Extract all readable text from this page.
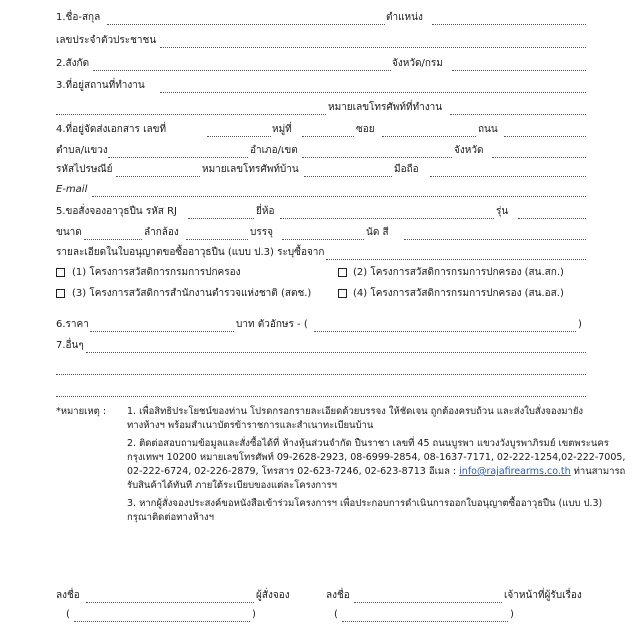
1.ชื่อ-สกุล	ตำแหน่ง
เลขประจำตัวประชาชน
2.สังกัด	จังหวัด/กรม
3.ที่อยู่สถานที่ทำงาน
หมายเลขโทรศัพท์ที่ทำงาน
4.ที่อยู่จัดส่งเอกสาร เลขที่	หมู่ที่	ซอย	ถนน
ตำบล/แขวง	อำเภอ/เขต	จังหวัด
รหัสไปรษณีย์	หมายเลขโทรศัพท์บ้าน	มือถือ
E-mail
5.ขอสั่งจองอาวุธปืน รหัส RJ	ยี่ห้อ	รุ่น
ขนาด	ลำกล้อง	บรรจุ	นัด สี
รายละเอียดในใบอนุญาตขอซื้ออาวุธปืน (แบบ ป.3) ระบุซื้อจาก
(1) โครงการสวัสดิการกรมการปกครอง	(2) โครงการสวัสดิการกรมการปกครอง (สน.สก.)
(3) โครงการสวัสดิการสำนักงานตำรวจแห่งชาติ (สตช.)	(4) โครงการสวัสดิการกรมการปกครอง (สน.อส.)
6.ราคา	บาท ตัวอักษร - (	)
7.อื่นๆ
*หมายเหตุ : 1. เพื่อสิทธิประโยชน์ของท่าน โปรดกรอกรายละเอียดด้วยบรรจง ให้ชัดเจน ถูกต้องครบถ้วน และส่งใบสั่งจองมายัง
ทางห้างฯ พร้อมสำเนาบัตรข้าราชการและสำเนาทะเบียนบ้าน
2. ติดต่อสอบถามข้อมูลและสั่งซื้อได้ที่ ห้างหุ้นส่วนจำกัด ปืนราชา เลขที่ 45 ถนนบูรพา แขวงวังบูรพาภิรมย์ เขตพระนคร
กรุงเทพฯ 10200 หมายเลขโทรศัพท์ 09-2628-2923, 08-6999-2854, 08-1637-7171, 02-222-1254,02-222-7005,
02-222-6724, 02-226-2879, โทรสาร 02-623-7246, 02-623-8713 อีเมล : info@rajafirearms.co.th ท่านสามารถ
รับสินค้าได้ทันที ภายใต้ระเบียบของแต่ละโครงการฯ
3. หากผู้สั่งจองประสงค์ขอหนังสือเข้าร่วมโครงการฯ เพื่อประกอบการดำเนินการออกใบอนุญาตซื้ออาวุธปืน (แบบ ป.3)
กรุณาติดต่อทางห้างฯ
ลงชื่อ	ผู้สั่งจอง
(	)
ลงชื่อ	เจ้าหน้าที่ผู้รับเรื่อง
(	)
